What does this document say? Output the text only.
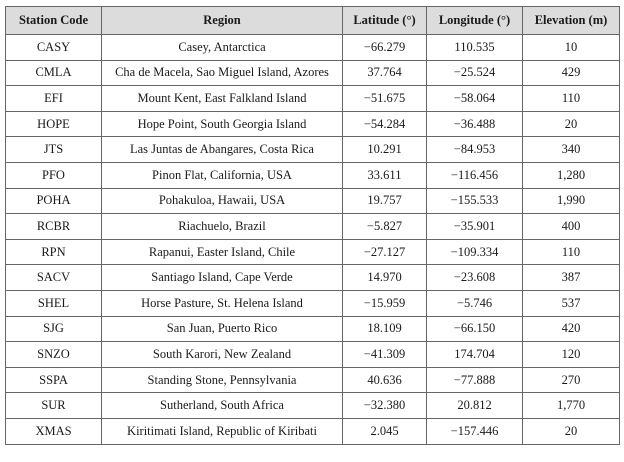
Station Code	Region	Latitude (°)	Longitude (°)	Elevation (m)
CASY	Casey, Antarctica	−66.279	110.535	10
CMLA	Cha de Macela, Sao Miguel Island, Azores	37.764	−25.524	429
EFI	Mount Kent, East Falkland Island	−51.675	−58.064	110
HOPE	Hope Point, South Georgia Island	−54.284	−36.488	20
JTS	Las Juntas de Abangares, Costa Rica	10.291	−84.953	340
PFO	Pinon Flat, California, USA	33.611	−116.456	1,280
POHA	Pohakuloa, Hawaii, USA	19.757	−155.533	1,990
RCBR	Riachuelo, Brazil	−5.827	−35.901	400
RPN	Rapanui, Easter Island, Chile	−27.127	−109.334	110
SACV	Santiago Island, Cape Verde	14.970	−23.608	387
SHEL	Horse Pasture, St. Helena Island	−15.959	−5.746	537
SJG	San Juan, Puerto Rico	18.109	−66.150	420
SNZO	South Karori, New Zealand	−41.309	174.704	120
SSPA	Standing Stone, Pennsylvania	40.636	−77.888	270
SUR	Sutherland, South Africa	−32.380	20.812	1,770
XMAS	Kiritimati Island, Republic of Kiribati	2.045	−157.446	20
